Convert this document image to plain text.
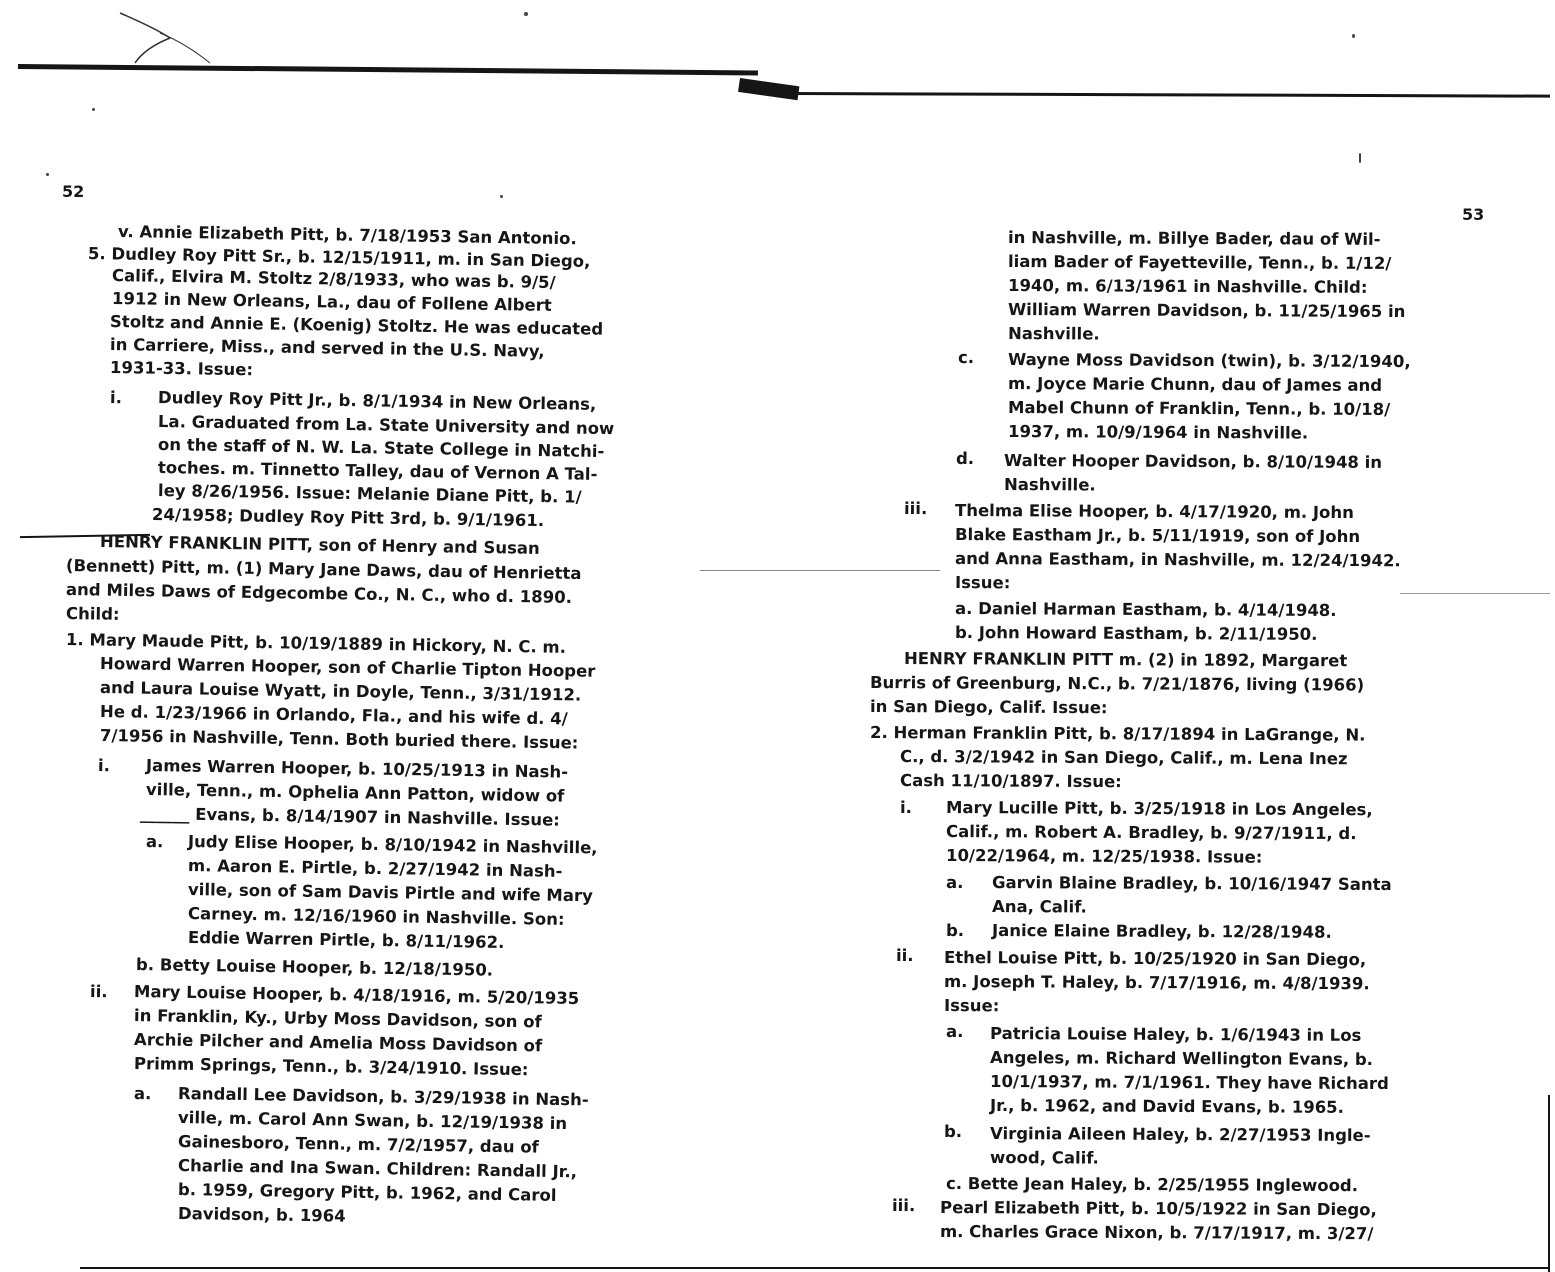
52
53
v. Annie Elizabeth Pitt, b. 7/18/1953 San Antonio.
5. Dudley Roy Pitt Sr., b. 12/15/1911, m. in San Diego,
Calif., Elvira M. Stoltz 2/8/1933, who was b. 9/5/
1912 in New Orleans, La., dau of Follene Albert
Stoltz and Annie E. (Koenig) Stoltz. He was educated
in Carriere, Miss., and served in the U.S. Navy,
1931-33. Issue:
i. Dudley Roy Pitt Jr., b. 8/1/1934 in New Orleans,
La. Graduated from La. State University and now
on the staff of N. W. La. State College in Natchi-
toches. m. Tinnetto Talley, dau of Vernon A Tal-
ley 8/26/1956. Issue: Melanie Diane Pitt, b. 1/
24/1958; Dudley Roy Pitt 3rd, b. 9/1/1961.
HENRY FRANKLIN PITT, son of Henry and Susan
(Bennett) Pitt, m. (1) Mary Jane Daws, dau of Henrietta
and Miles Daws of Edgecombe Co., N. C., who d. 1890.
Child:
1. Mary Maude Pitt, b. 10/19/1889 in Hickory, N. C. m.
Howard Warren Hooper, son of Charlie Tipton Hooper
and Laura Louise Wyatt, in Doyle, Tenn., 3/31/1912.
He d. 1/23/1966 in Orlando, Fla., and his wife d. 4/
7/1956 in Nashville, Tenn. Both buried there. Issue:
i. James Warren Hooper, b. 10/25/1913 in Nash-
ville, Tenn., m. Ophelia Ann Patton, widow of
______ Evans, b. 8/14/1907 in Nashville. Issue:
a. Judy Elise Hooper, b. 8/10/1942 in Nashville,
m. Aaron E. Pirtle, b. 2/27/1942 in Nash-
ville, son of Sam Davis Pirtle and wife Mary
Carney. m. 12/16/1960 in Nashville. Son:
Eddie Warren Pirtle, b. 8/11/1962.
b. Betty Louise Hooper, b. 12/18/1950.
ii. Mary Louise Hooper, b. 4/18/1916, m. 5/20/1935
in Franklin, Ky., Urby Moss Davidson, son of
Archie Pilcher and Amelia Moss Davidson of
Primm Springs, Tenn., b. 3/24/1910. Issue:
a. Randall Lee Davidson, b. 3/29/1938 in Nash-
ville, m. Carol Ann Swan, b. 12/19/1938 in
Gainesboro, Tenn., m. 7/2/1957, dau of
Charlie and Ina Swan. Children: Randall Jr.,
b. 1959, Gregory Pitt, b. 1962, and Carol
Davidson, b. 1964
in Nashville, m. Billye Bader, dau of Wil-
liam Bader of Fayetteville, Tenn., b. 1/12/
1940, m. 6/13/1961 in Nashville. Child:
William Warren Davidson, b. 11/25/1965 in
Nashville.
c. Wayne Moss Davidson (twin), b. 3/12/1940,
m. Joyce Marie Chunn, dau of James and
Mabel Chunn of Franklin, Tenn., b. 10/18/
1937, m. 10/9/1964 in Nashville.
d. Walter Hooper Davidson, b. 8/10/1948 in
Nashville.
iii. Thelma Elise Hooper, b. 4/17/1920, m. John
Blake Eastham Jr., b. 5/11/1919, son of John
and Anna Eastham, in Nashville, m. 12/24/1942.
Issue:
a. Daniel Harman Eastham, b. 4/14/1948.
b. John Howard Eastham, b. 2/11/1950.
HENRY FRANKLIN PITT m. (2) in 1892, Margaret
Burris of Greenburg, N.C., b. 7/21/1876, living (1966)
in San Diego, Calif. Issue:
2. Herman Franklin Pitt, b. 8/17/1894 in LaGrange, N.
C., d. 3/2/1942 in San Diego, Calif., m. Lena Inez
Cash 11/10/1897. Issue:
i. Mary Lucille Pitt, b. 3/25/1918 in Los Angeles,
Calif., m. Robert A. Bradley, b. 9/27/1911, d.
10/22/1964, m. 12/25/1938. Issue:
a. Garvin Blaine Bradley, b. 10/16/1947 Santa
Ana, Calif.
b. Janice Elaine Bradley, b. 12/28/1948.
ii. Ethel Louise Pitt, b. 10/25/1920 in San Diego,
m. Joseph T. Haley, b. 7/17/1916, m. 4/8/1939.
Issue:
a. Patricia Louise Haley, b. 1/6/1943 in Los
Angeles, m. Richard Wellington Evans, b.
10/1/1937, m. 7/1/1961. They have Richard
Jr., b. 1962, and David Evans, b. 1965.
b. Virginia Aileen Haley, b. 2/27/1953 Ingle-
wood, Calif.
c. Bette Jean Haley, b. 2/25/1955 Inglewood.
iii. Pearl Elizabeth Pitt, b. 10/5/1922 in San Diego,
m. Charles Grace Nixon, b. 7/17/1917, m. 3/27/
